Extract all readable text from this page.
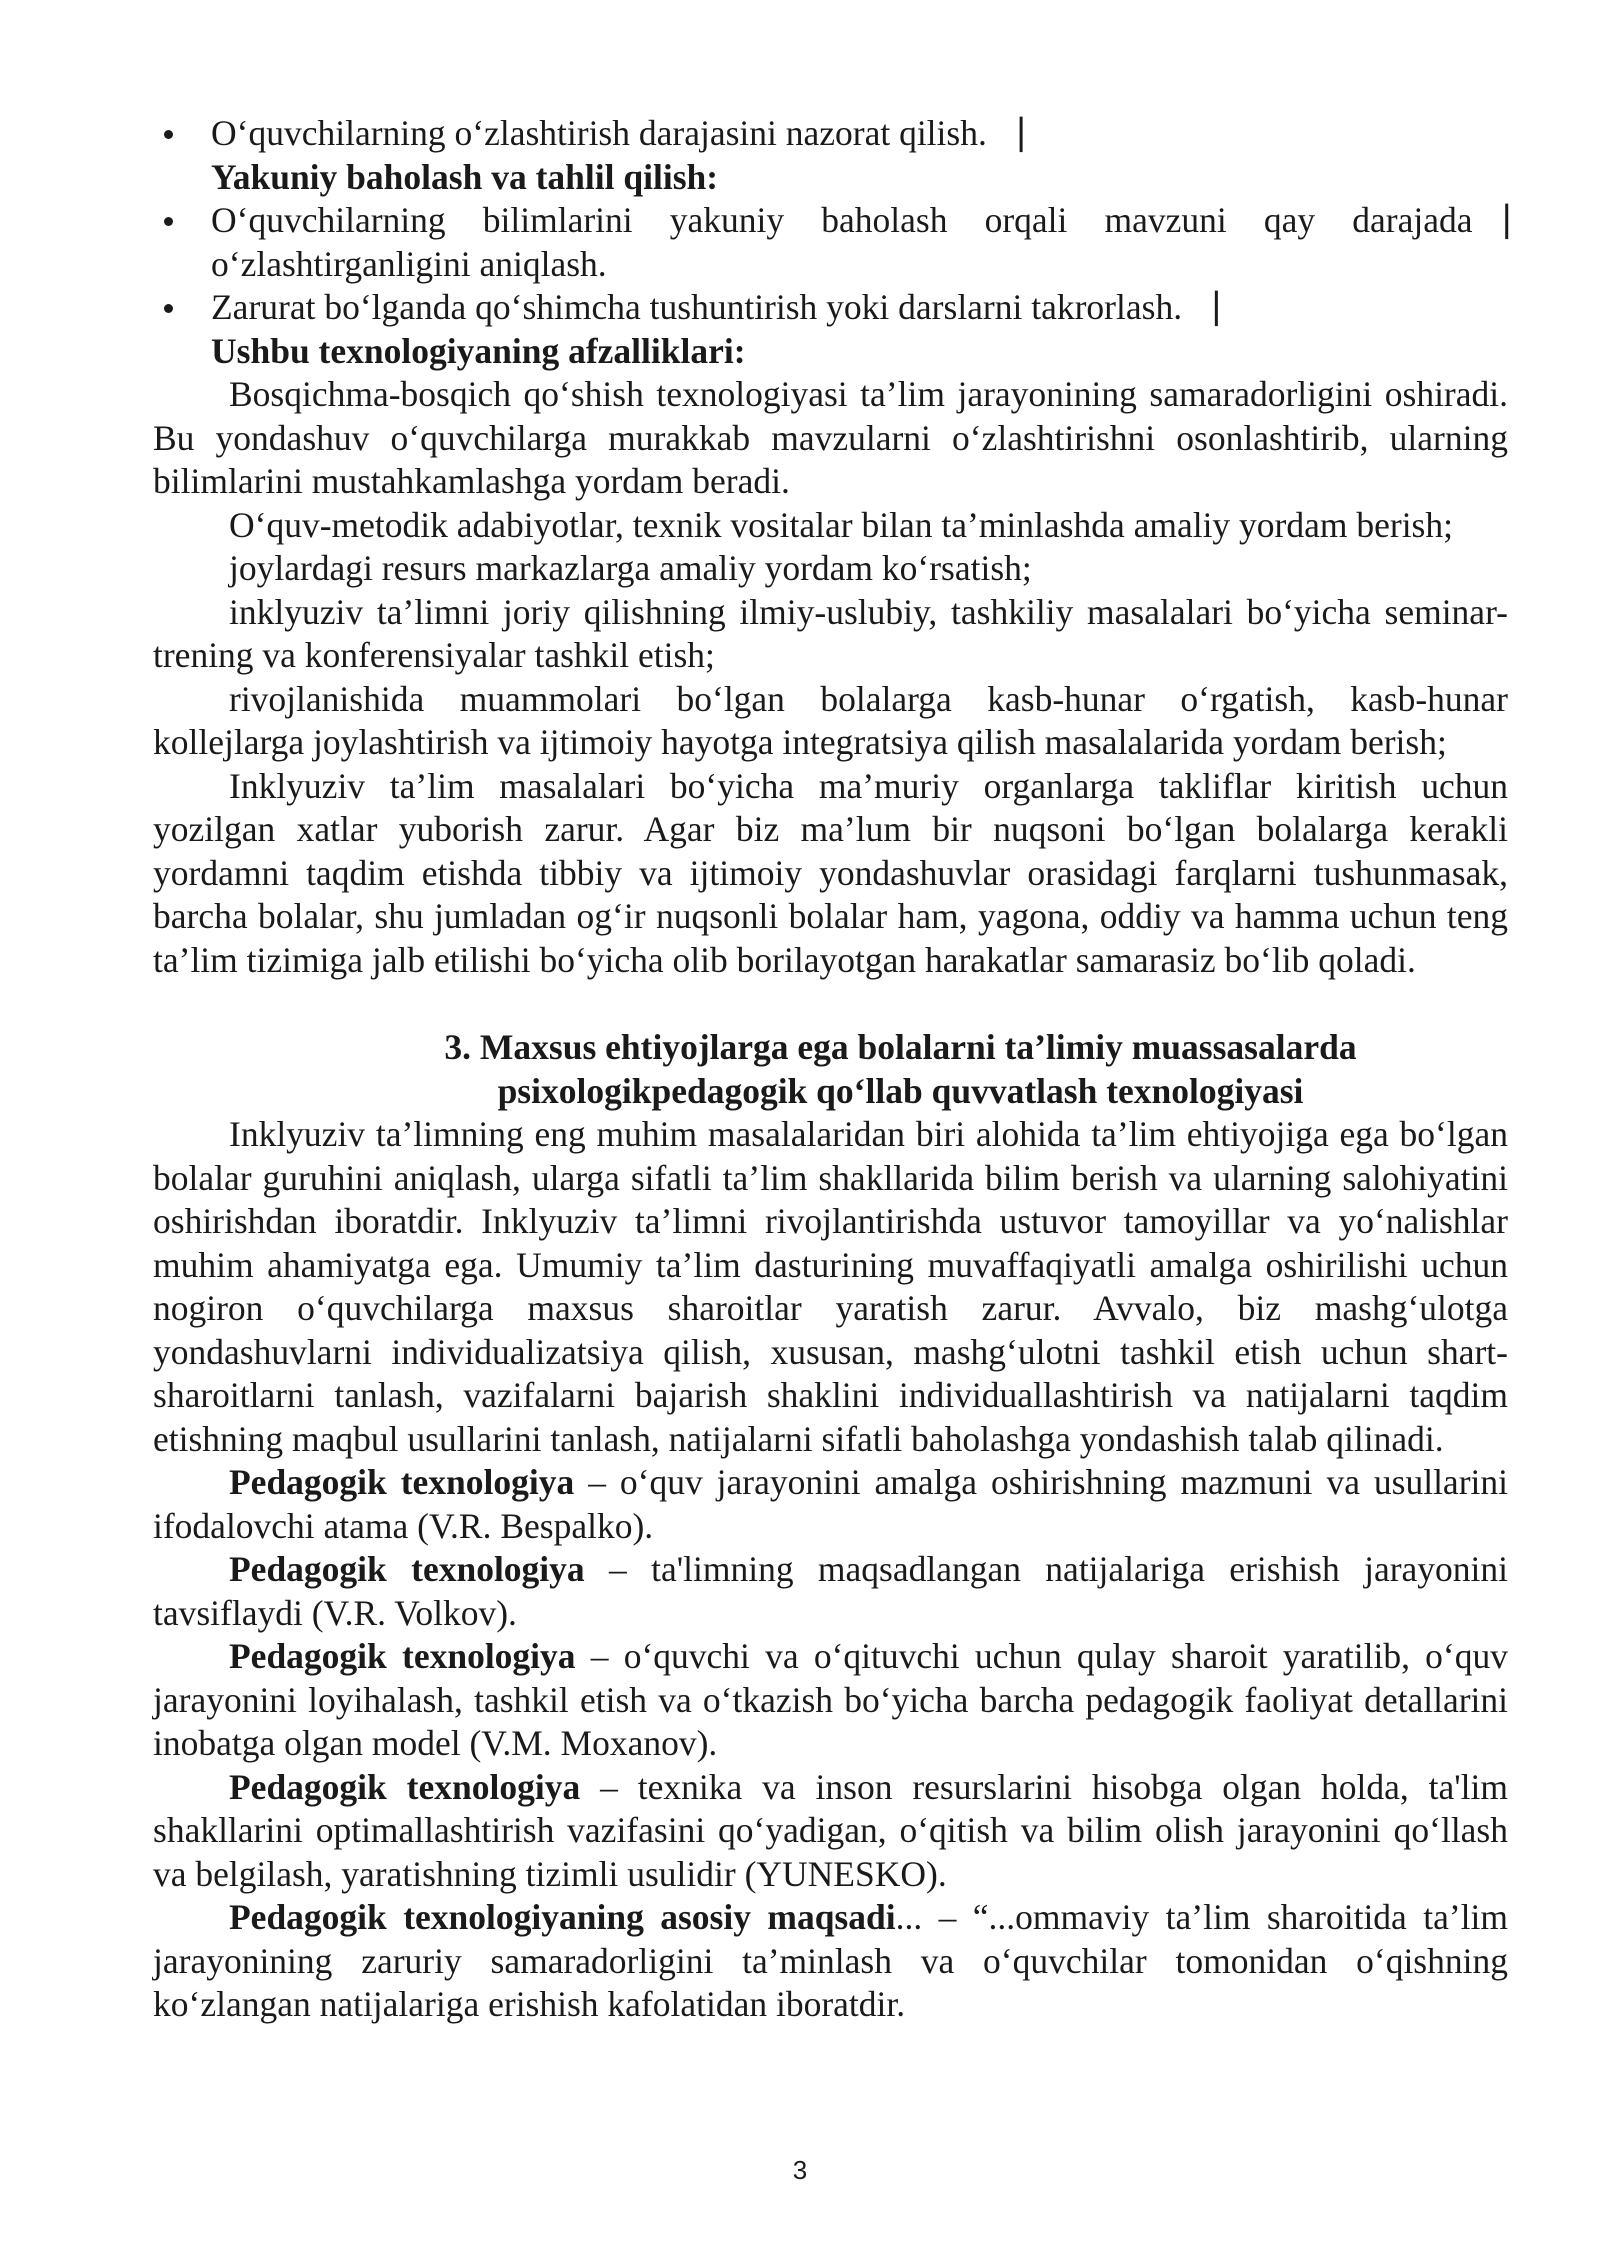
O‘quvchilarning o‘zlashtirish darajasini nazorat qilish.⎹

Yakuniy baholash va tahlil qilish:

O‘quvchilarning bilimlarini yakuniy baholash orqali mavzuni qay darajada⎹ o‘zlashtirganligini aniqlash.
Zarurat bo‘lganda qo‘shimcha tushuntirish yoki darslarni takrorlash.⎹

Ushbu texnologiyaning afzalliklari:

Bosqichma-bosqich qo‘shish texnologiyasi ta’lim jarayonining samaradorligini oshiradi. Bu yondashuv o‘quvchilarga murakkab mavzularni o‘zlashtirishni osonlashtirib, ularning bilimlarini mustahkamlashga yordam beradi.

O‘quv-metodik adabiyotlar, texnik vositalar bilan ta’minlashda amaliy yordam berish;

joylardagi resurs markazlarga amaliy yordam ko‘rsatish;

inklyuziv ta’limni joriy qilishning ilmiy-uslubiy, tashkiliy masalalari bo‘yicha seminar-trening va konferensiyalar tashkil etish;

rivojlanishida muammolari bo‘lgan bolalarga kasb-hunar o‘rgatish, kasb-hunar kollejlarga joylashtirish va ijtimoiy hayotga integratsiya qilish masalalarida yordam berish;

Inklyuziv ta’lim masalalari bo‘yicha ma’muriy organlarga takliflar kiritish uchun yozilgan xatlar yuborish zarur. Agar biz ma’lum bir nuqsoni bo‘lgan bolalarga kerakli yordamni taqdim etishda tibbiy va ijtimoiy yondashuvlar orasidagi farqlarni tushunmasak, barcha bolalar, shu jumladan og‘ir nuqsonli bolalar ham, yagona, oddiy va hamma uchun teng ta’lim tizimiga jalb etilishi bo‘yicha olib borilayotgan harakatlar samarasiz bo‘lib qoladi.

3. Maxsus ehtiyojlarga ega bolalarni ta’limiy muassasalarda
psixologikpedagogik qo‘llab quvvatlash texnologiyasi

Inklyuziv ta’limning eng muhim masalalaridan biri alohida ta’lim ehtiyojiga ega bo‘lgan bolalar guruhini aniqlash, ularga sifatli ta’lim shakllarida bilim berish va ularning salohiyatini oshirishdan iboratdir. Inklyuziv ta’limni rivojlantirishda ustuvor tamoyillar va yo‘nalishlar muhim ahamiyatga ega. Umumiy ta’lim dasturining muvaffaqiyatli amalga oshirilishi uchun nogiron o‘quvchilarga maxsus sharoitlar yaratish zarur. Avvalo, biz mashg‘ulotga yondashuvlarni individualizatsiya qilish, xususan, mashg‘ulotni tashkil etish uchun shart-sharoitlarni tanlash, vazifalarni bajarish shaklini individuallashtirish va natijalarni taqdim etishning maqbul usullarini tanlash, natijalarni sifatli baholashga yondashish talab qilinadi.

Pedagogik texnologiya – o‘quv jarayonini amalga oshirishning mazmuni va usullarini ifodalovchi atama (V.R. Bespalko).

Pedagogik texnologiya – ta'limning maqsadlangan natijalariga erishish jarayonini tavsiflaydi (V.R. Volkov).

Pedagogik texnologiya – o‘quvchi va o‘qituvchi uchun qulay sharoit yaratilib, o‘quv jarayonini loyihalash, tashkil etish va o‘tkazish bo‘yicha barcha pedagogik faoliyat detallarini inobatga olgan model (V.M. Moxanov).

Pedagogik texnologiya – texnika va inson resurslarini hisobga olgan holda, ta'lim shakllarini optimallashtirish vazifasini qo‘yadigan, o‘qitish va bilim olish jarayonini qo‘llash va belgilash, yaratishning tizimli usulidir (YUNESKO).

Pedagogik texnologiyaning asosiy maqsadi... – “...ommaviy ta’lim sharoitida ta’lim jarayonining zaruriy samaradorligini ta’minlash va o‘quvchilar tomonidan o‘qishning ko‘zlangan natijalariga erishish kafolatidan iboratdir.

3
